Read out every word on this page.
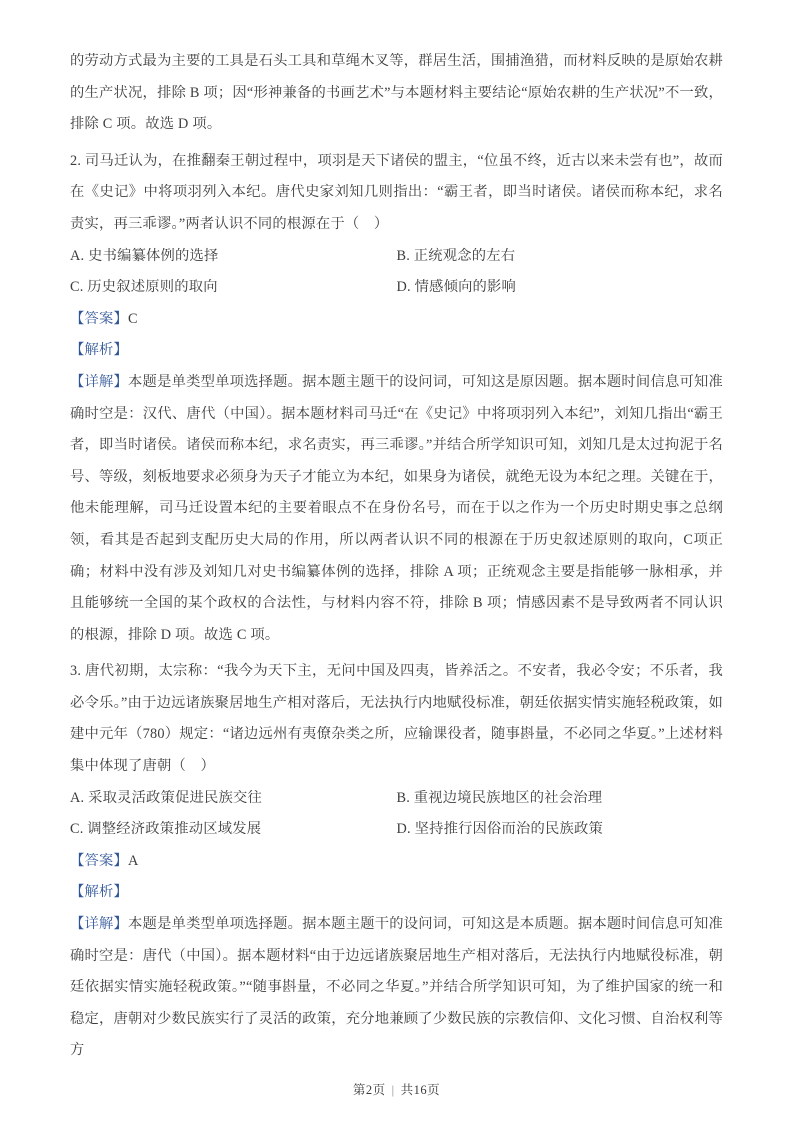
的劳动方式最为主要的工具是石头工具和草绳木叉等，群居生活，围捕渔猎，而材料反映的是原始农耕的生产状况，排除 B 项；因“形神兼备的书画艺术”与本题材料主要结论“原始农耕的生产状况”不一致，排除 C 项。故选 D 项。

2. 司马迁认为，在推翻秦王朝过程中，项羽是天下诸侯的盟主，“位虽不终，近古以来未尝有也”，故而在《史记》中将项羽列入本纪。唐代史家刘知几则指出：“霸王者，即当时诸侯。诸侯而称本纪，求名责实，再三乖谬。”两者认识不同的根源在于（　）

A. 史书编纂体例的选择	B. 正统观念的左右
C. 历史叙述原则的取向	D. 情感倾向的影响

【答案】C

【解析】

【详解】本题是单类型单项选择题。据本题主题干的设问词，可知这是原因题。据本题时间信息可知准确时空是：汉代、唐代（中国）。据本题材料司马迁“在《史记》中将项羽列入本纪”，刘知几指出“霸王者，即当时诸侯。诸侯而称本纪，求名责实，再三乖谬。”并结合所学知识可知，刘知几是太过拘泥于名号、等级，刻板地要求必须身为天子才能立为本纪，如果身为诸侯，就绝无设为本纪之理。关键在于，他未能理解，司马迁设置本纪的主要着眼点不在身份名号，而在于以之作为一个历史时期史事之总纲领，看其是否起到支配历史大局的作用，所以两者认识不同的根源在于历史叙述原则的取向，C项正确；材料中没有涉及刘知几对史书编纂体例的选择，排除 A 项；正统观念主要是指能够一脉相承，并且能够统一全国的某个政权的合法性，与材料内容不符，排除 B 项；情感因素不是导致两者不同认识的根源，排除 D 项。故选 C 项。

3. 唐代初期，太宗称：“我今为天下主，无问中国及四夷，皆养活之。不安者，我必令安；不乐者，我必令乐。”由于边远诸族聚居地生产相对落后，无法执行内地赋役标准，朝廷依据实情实施轻税政策，如建中元年（780）规定：“诸边远州有夷僚杂类之所，应输课役者，随事斟量，不必同之华夏。”上述材料集中体现了唐朝（　）

A. 采取灵活政策促进民族交往	B. 重视边境民族地区的社会治理
C. 调整经济政策推动区域发展	D. 坚持推行因俗而治的民族政策

【答案】A

【解析】

【详解】本题是单类型单项选择题。据本题主题干的设问词，可知这是本质题。据本题时间信息可知准确时空是：唐代（中国）。据本题材料“由于边远诸族聚居地生产相对落后，无法执行内地赋役标准，朝廷依据实情实施轻税政策。”“随事斟量，不必同之华夏。”并结合所学知识可知，为了维护国家的统一和稳定，唐朝对少数民族实行了灵活的政策，充分地兼顾了少数民族的宗教信仰、文化习惯、自治权利等方

第2页 | 共16页
